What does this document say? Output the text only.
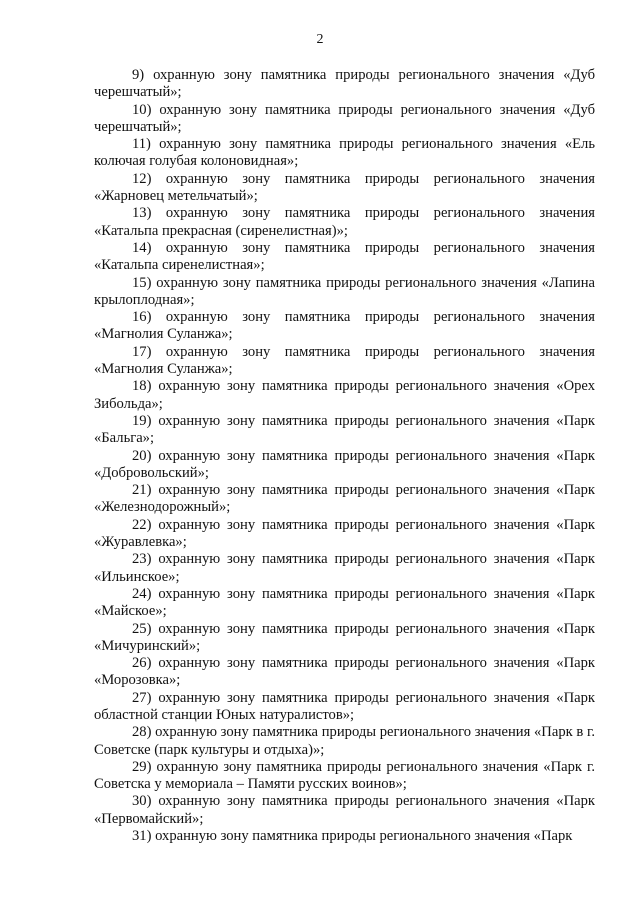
2

9) охранную зону памятника природы регионального значения «Дуб черешчатый»;

10) охранную зону памятника природы регионального значения «Дуб черешчатый»;

11) охранную зону памятника природы регионального значения «Ель колючая голубая колоновидная»;

12) охранную зону памятника природы регионального значения «Жарновец метельчатый»;

13) охранную зону памятника природы регионального значения «Катальпа прекрасная (сиренелистная)»;

14) охранную зону памятника природы регионального значения «Катальпа сиренелистная»;

15) охранную зону памятника природы регионального значения «Лапина крылоплодная»;

16) охранную зону памятника природы регионального значения «Магнолия Суланжа»;

17) охранную зону памятника природы регионального значения «Магнолия Суланжа»;

18) охранную зону памятника природы регионального значения «Орех Зибольда»;

19) охранную зону памятника природы регионального значения «Парк «Бальга»;

20) охранную зону памятника природы регионального значения «Парк «Добровольский»;

21) охранную зону памятника природы регионального значения «Парк «Железнодорожный»;

22) охранную зону памятника природы регионального значения «Парк «Журавлевка»;

23) охранную зону памятника природы регионального значения «Парк «Ильинское»;

24) охранную зону памятника природы регионального значения «Парк «Майское»;

25) охранную зону памятника природы регионального значения «Парк «Мичуринский»;

26) охранную зону памятника природы регионального значения «Парк «Морозовка»;

27) охранную зону памятника природы регионального значения «Парк областной станции Юных натуралистов»;

28) охранную зону памятника природы регионального значения «Парк в г. Советске (парк культуры и отдыха)»;

29) охранную зону памятника природы регионального значения «Парк г. Советска у мемориала – Памяти русских воинов»;

30) охранную зону памятника природы регионального значения «Парк «Первомайский»;

31) охранную зону памятника природы регионального значения «Парк
